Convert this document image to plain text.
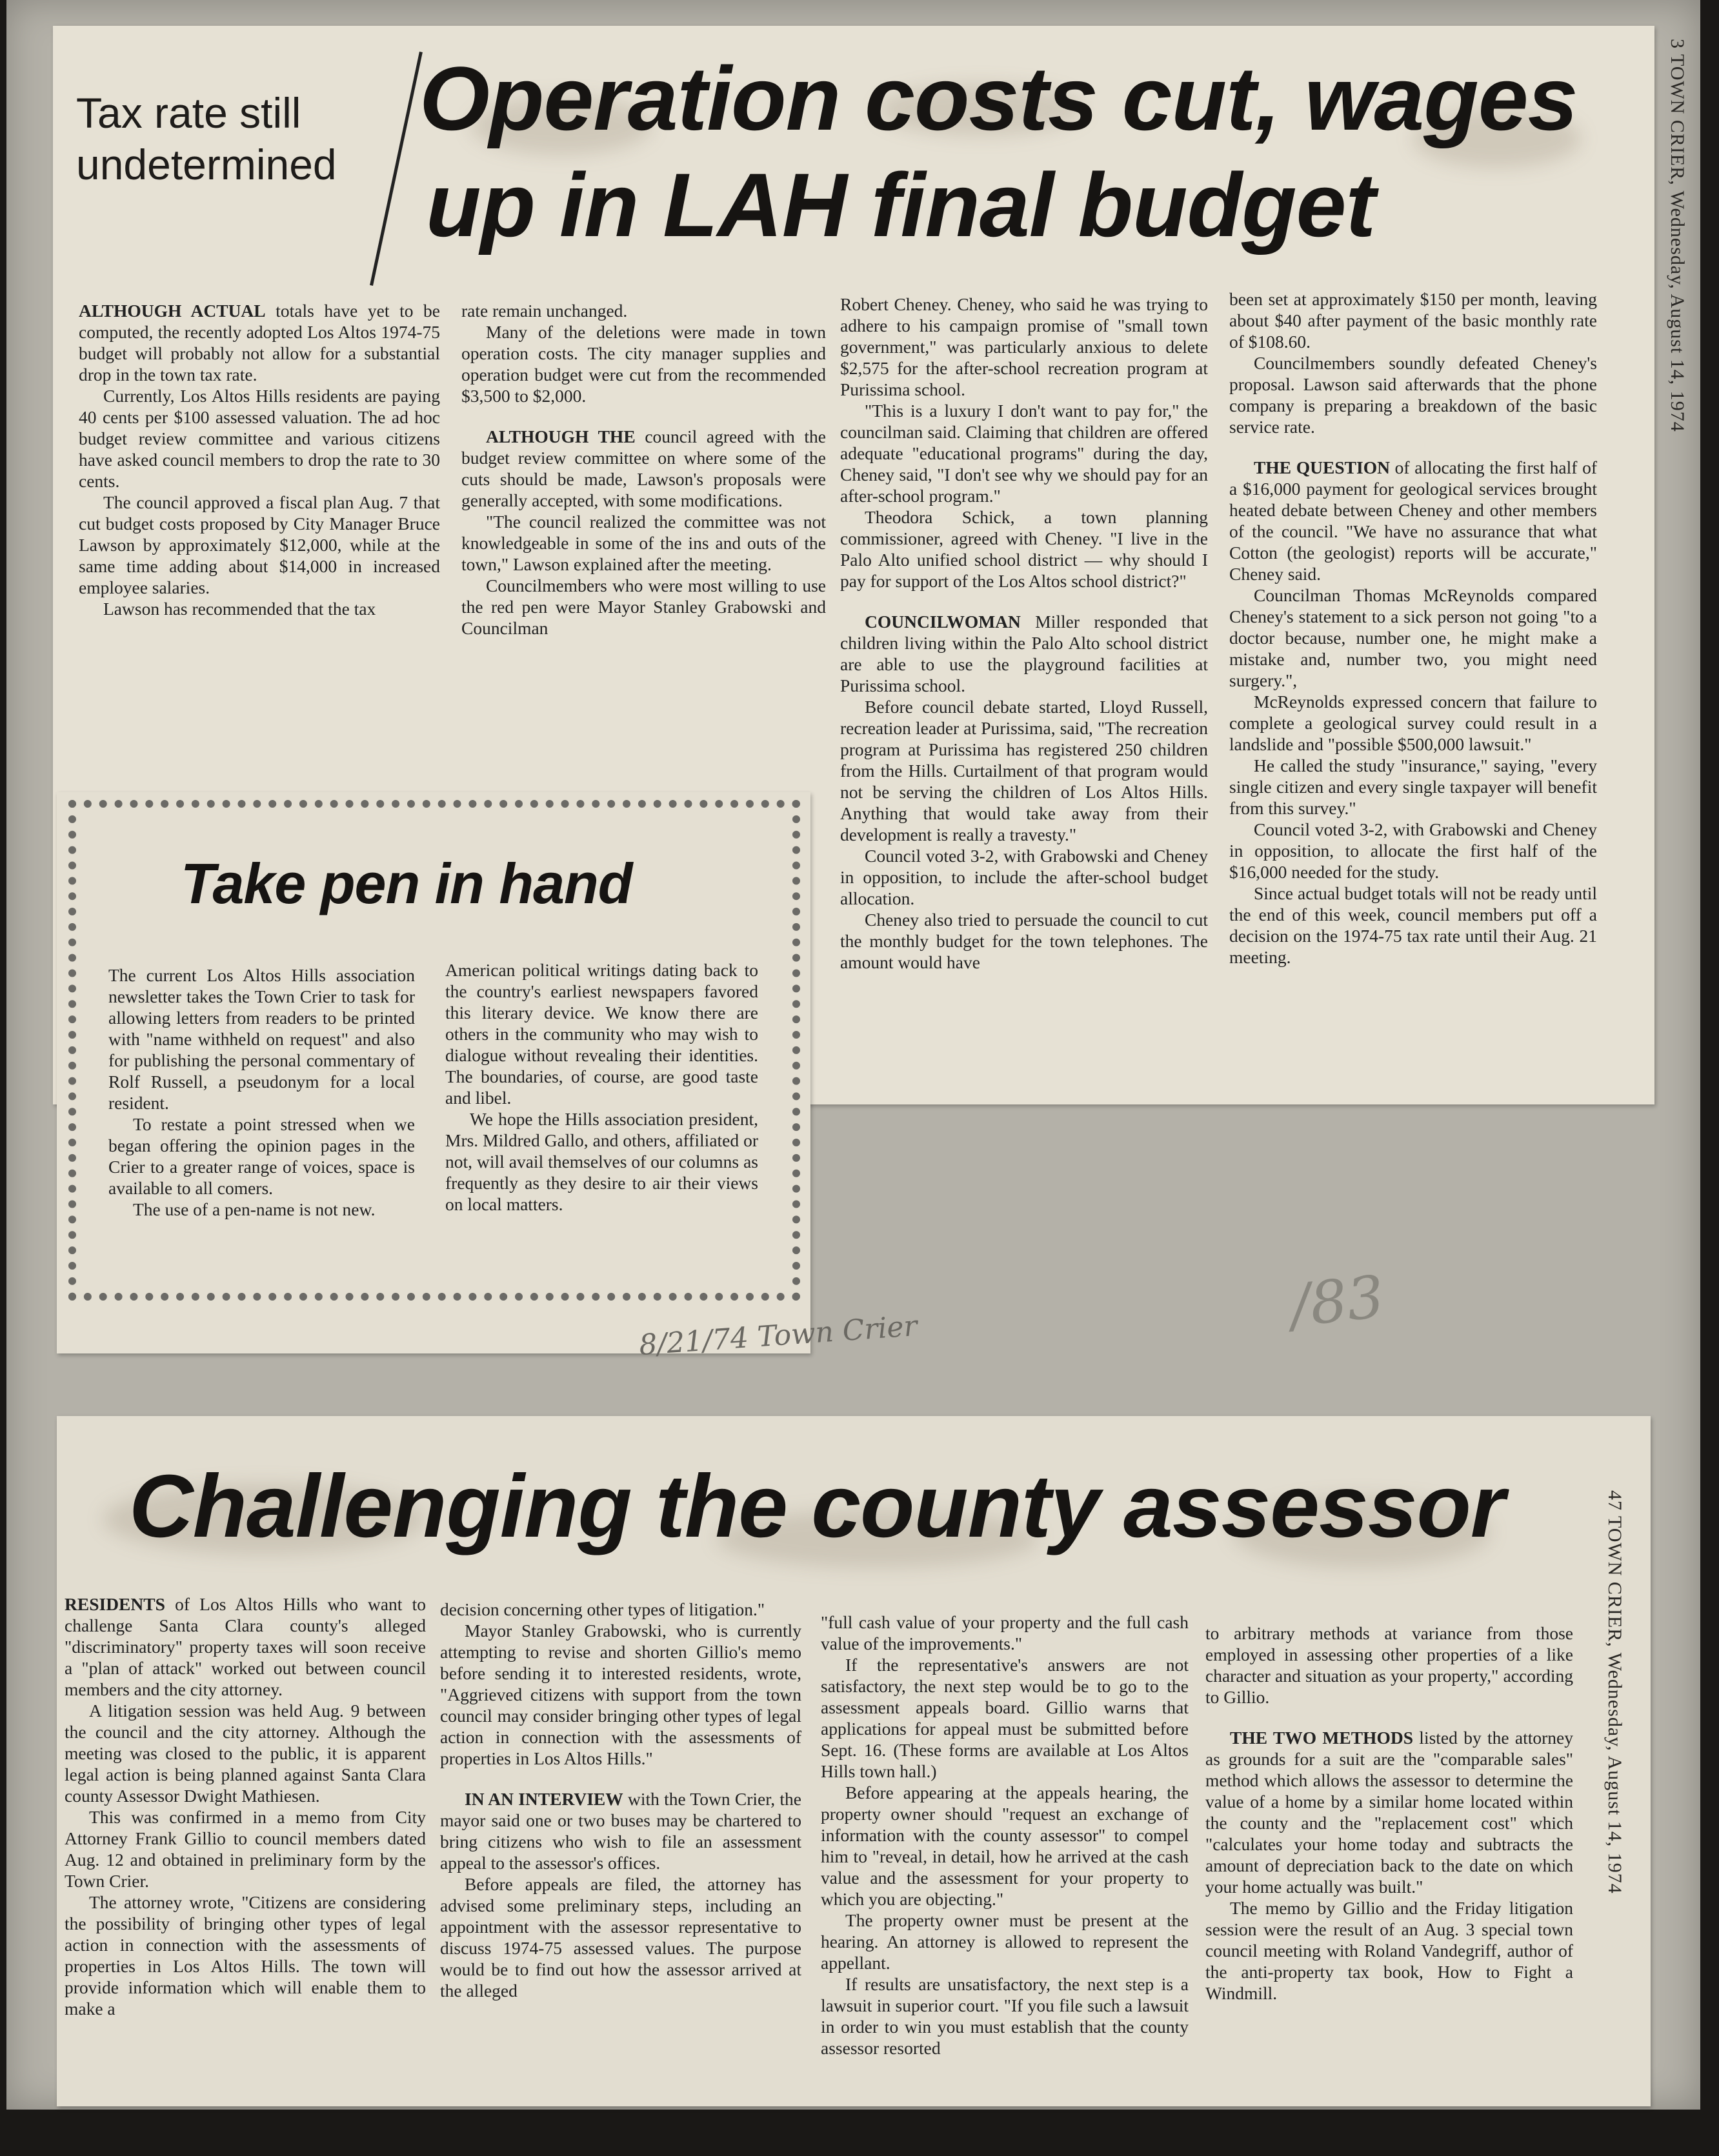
Tax rate still
undetermined
Operation costs cut, wages
up in LAH final budget	3 TOWN CRIER, Wednesday, August 14, 1974

ALTHOUGH ACTUAL totals have yet to be computed, the recently adopted Los Altos 1974-75 budget will probably not allow for a substantial drop in the town tax rate.

Currently, Los Altos Hills residents are paying 40 cents per $100 assessed valuation. The ad hoc budget review committee and various citizens have asked council members to drop the rate to 30 cents.

The council approved a fiscal plan Aug. 7 that cut budget costs proposed by City Manager Bruce Lawson by approximately $12,000, while at the same time adding about $14,000 in increased employee salaries.

Lawson has recommended that the tax

rate remain unchanged.

Many of the deletions were made in town operation costs. The city manager supplies and operation budget were cut from the recommended $3,500 to $2,000.

ALTHOUGH THE council agreed with the budget review committee on where some of the cuts should be made, Lawson's proposals were generally accepted, with some modifications.

"The council realized the committee was not knowledgeable in some of the ins and outs of the town," Lawson explained after the meeting.

Councilmembers who were most willing to use the red pen were Mayor Stanley Grabowski and Councilman

Robert Cheney. Cheney, who said he was trying to adhere to his campaign promise of "small town government," was particularly anxious to delete $2,575 for the after-school recreation program at Purissima school.

"This is a luxury I don't want to pay for," the councilman said. Claiming that children are offered adequate "educational programs" during the day, Cheney said, "I don't see why we should pay for an after-school program."

Theodora Schick, a town planning commissioner, agreed with Cheney. "I live in the Palo Alto unified school district — why should I pay for support of the Los Altos school district?"

COUNCILWOMAN Miller responded that children living within the Palo Alto school district are able to use the playground facilities at Purissima school.

Before council debate started, Lloyd Russell, recreation leader at Purissima, said, "The recreation program at Purissima has registered 250 children from the Hills. Curtailment of that program would not be serving the children of Los Altos Hills. Anything that would take away from their development is really a travesty."

Council voted 3-2, with Grabowski and Cheney in opposition, to include the after-school budget allocation.

Cheney also tried to persuade the council to cut the monthly budget for the town telephones. The amount would have

been set at approximately $150 per month, leaving about $40 after payment of the basic monthly rate of $108.60.

Councilmembers soundly defeated Cheney's proposal. Lawson said afterwards that the phone company is preparing a breakdown of the basic service rate.

THE QUESTION of allocating the first half of a $16,000 payment for geological services brought heated debate between Cheney and other members of the council. "We have no assurance that what Cotton (the geologist) reports will be accurate," Cheney said.

Councilman Thomas McReynolds compared Cheney's statement to a sick person not going "to a doctor because, number one, he might make a mistake and, number two, you might need surgery.",

McReynolds expressed concern that failure to complete a geological survey could result in a landslide and "possible $500,000 lawsuit."

He called the study "insurance," saying, "every single citizen and every single taxpayer will benefit from this survey."

Council voted 3-2, with Grabowski and Cheney in opposition, to allocate the first half of the $16,000 needed for the study.

Since actual budget totals will not be ready until the end of this week, council members put off a decision on the 1974-75 tax rate until their Aug. 21 meeting.

Take pen in hand

The current Los Altos Hills association newsletter takes the Town Crier to task for allowing letters from readers to be printed with "name withheld on request" and also for publishing the personal commentary of Rolf Russell, a pseudonym for a local resident.

To restate a point stressed when we began offering the opinion pages in the Crier to a greater range of voices, space is available to all comers.

The use of a pen-name is not new.

American political writings dating back to the country's earliest newspapers favored this literary device. We know there are others in the community who may wish to dialogue without revealing their identities. The boundaries, of course, are good taste and libel.

We hope the Hills association president, Mrs. Mildred Gallo, and others, affiliated or not, will avail themselves of our columns as frequently as they desire to air their views on local matters.

8/21/74 Town Crier	/83
Challenging the county assessor	47 TOWN CRIER, Wednesday, August 14, 1974

RESIDENTS of Los Altos Hills who want to challenge Santa Clara county's alleged "discriminatory" property taxes will soon receive a "plan of attack" worked out between council members and the city attorney.

A litigation session was held Aug. 9 between the council and the city attorney. Although the meeting was closed to the public, it is apparent legal action is being planned against Santa Clara county Assessor Dwight Mathiesen.

This was confirmed in a memo from City Attorney Frank Gillio to council members dated Aug. 12 and obtained in preliminary form by the Town Crier.

The attorney wrote, "Citizens are considering the possibility of bringing other types of legal action in connection with the assessments of properties in Los Altos Hills. The town will provide information which will enable them to make a

decision concerning other types of litigation."

Mayor Stanley Grabowski, who is currently attempting to revise and shorten Gillio's memo before sending it to interested residents, wrote, "Aggrieved citizens with support from the town council may consider bringing other types of legal action in connection with the assessments of properties in Los Altos Hills."

IN AN INTERVIEW with the Town Crier, the mayor said one or two buses may be chartered to bring citizens who wish to file an assessment appeal to the assessor's offices.

Before appeals are filed, the attorney has advised some preliminary steps, including an appointment with the assessor representative to discuss 1974-75 assessed values. The purpose would be to find out how the assessor arrived at the alleged

"full cash value of your property and the full cash value of the improvements."

If the representative's answers are not satisfactory, the next step would be to go to the assessment appeals board. Gillio warns that applications for appeal must be submitted before Sept. 16. (These forms are available at Los Altos Hills town hall.)

Before appearing at the appeals hearing, the property owner should "request an exchange of information with the county assessor" to compel him to "reveal, in detail, how he arrived at the cash value and the assessment for your property to which you are objecting."

The property owner must be present at the hearing. An attorney is allowed to represent the appellant.

If results are unsatisfactory, the next step is a lawsuit in superior court. "If you file such a lawsuit in order to win you must establish that the county assessor resorted

to arbitrary methods at variance from those employed in assessing other properties of a like character and situation as your property," according to Gillio.

THE TWO METHODS listed by the attorney as grounds for a suit are the "comparable sales" method which allows the assessor to determine the value of a home by a similar home located within the county and the "replacement cost" which "calculates your home today and subtracts the amount of depreciation back to the date on which your home actually was built."

The memo by Gillio and the Friday litigation session were the result of an Aug. 3 special town council meeting with Roland Vandegriff, author of the anti-property tax book, How to Fight a Windmill.
